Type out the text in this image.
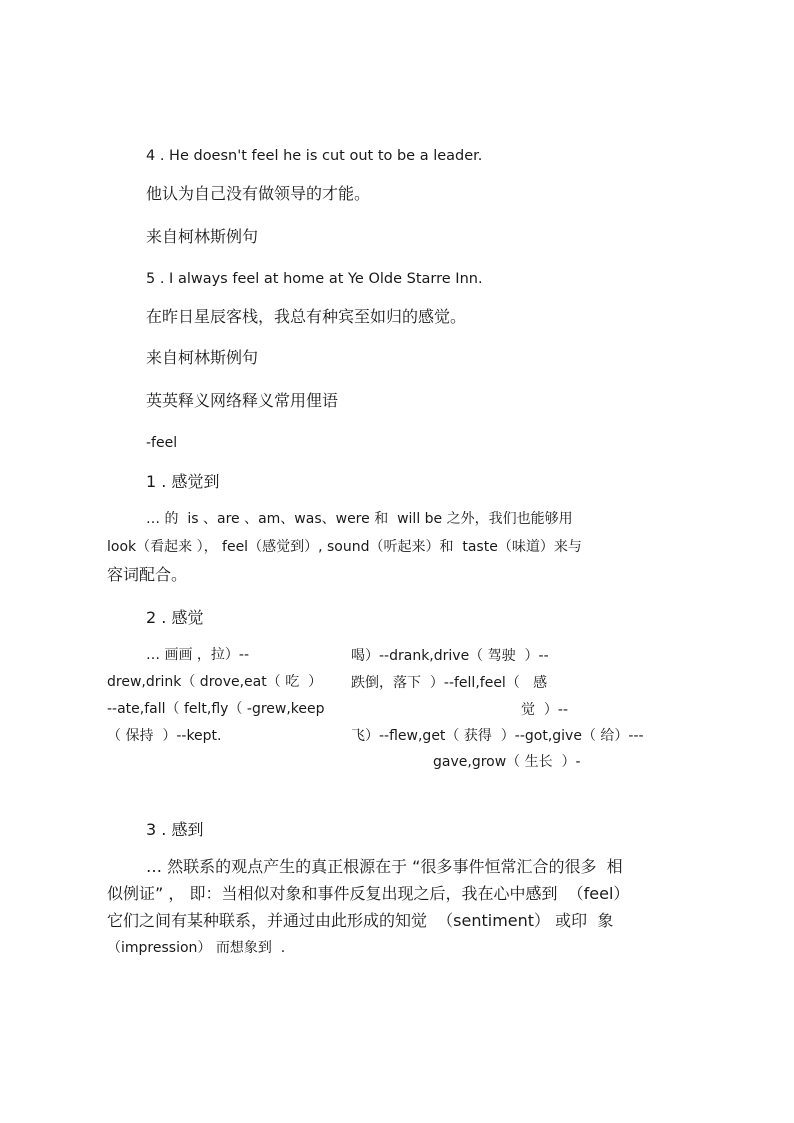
4 . He doesn't feel he is cut out to be a leader.
他认为自己没有做领导的才能。
来自柯林斯例句
5 . I always feel at home at Ye Olde Starre Inn.
在昨日星辰客栈，我总有种宾至如归的感觉。
来自柯林斯例句
英英释义网络释义常用俚语
-feel
1 . 感觉到
… 的  is 、are 、am、was、were 和  will be 之外，我们也能够用
look（看起来 ）， feel（感觉到）, sound（听起来）和  taste（味道）来与
容词配合。
2 . 感觉
… 画画 ，拉）--
drew,drink（ drove,eat（ 吃  ）
--ate,fall（ felt,fly（ -grew,keep
（ 保持  ）--kept.
喝）--drank,drive（ 驾驶  ）--
跌倒，落下  ）--fell,feel（   感
觉  ）--
飞）--flew,get（ 获得  ）--got,give（ 给）---
gave,grow（ 生长  ）-
3 . 感到
… 然联系的观点产生的真正根源在于 “很多事件恒常汇合的很多  相
似例证” ， 即：当相似对象和事件反复出现之后，我在心中感到  （feel）
它们之间有某种联系，并通过由此形成的知觉  （sentiment） 或印  象
（impression） 而想象到  .
